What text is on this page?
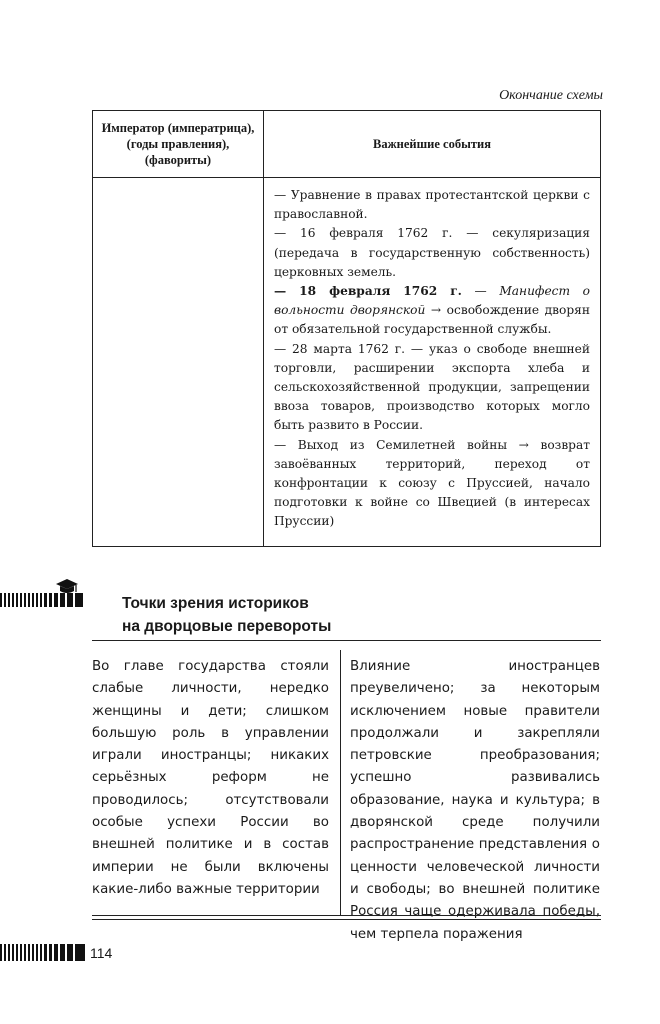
Окончание схемы
Император (императрица), (годы правления), (фавориты)
Важнейшие события
— Уравнение в правах протестантской церкви с православной.
— 16 февраля 1762 г. — секуляризация (передача в государственную собственность) церковных земель.
— 18 февраля 1762 г. — Манифест о вольности дворянской → освобождение дворян от обязательной государственной службы.
— 28 марта 1762 г. — указ о свободе внешней торговли, расширении экспорта хлеба и сельскохозяйственной продукции, запрещении ввоза товаров, производство которых могло быть развито в России.
— Выход из Семилетней войны → возврат завоёванных территорий, переход от конфронтации к союзу с Пруссией, начало подготовки к войне со Швецией (в интересах Пруссии)
Точки зрения историков
на дворцовые перевороты
Во главе государства стояли слабые личности, нередко женщины и дети; слишком большую роль в управлении играли иностранцы; никаких серьёзных реформ не проводилось; отсутствовали особые успехи России во внешней политике и в состав империи не были включены какие-либо важные территории
Влияние иностранцев преувеличено; за некоторым исключением новые правители продолжали и закрепляли петровские преобразования; успешно развивались образование, наука и культура; в дворянской среде получили распространение представления о ценности человеческой личности и свободы; во внешней политике Россия чаще одерживала победы, чем терпела поражения
114
